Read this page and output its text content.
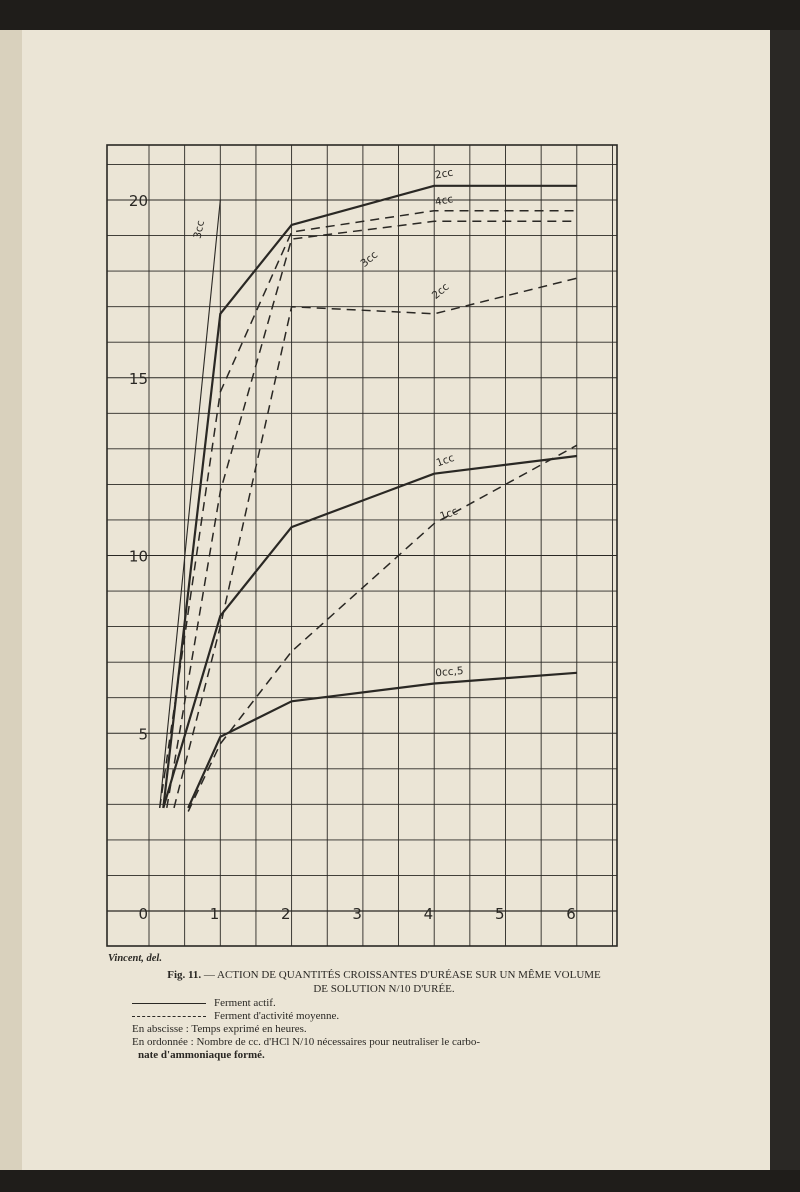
0	1	2	3	4	5	6
5
10
15
20
3cc
2cc
4cc
3cc
2cc
1cc
1cc
0cc,5
Vincent, del.
Fig. 11. — ACTION DE QUANTITÉS CROISSANTES D'URÉASE SUR UN MÊME VOLUME
DE SOLUTION N/10 D'URÉE.
Ferment actif.
Ferment d'activité moyenne.
En abscisse : Temps exprimé en heures.
En ordonnée : Nombre de cc. d'HCl N/10 nécessaires pour neutraliser le carbo-
nate d'ammoniaque formé.
